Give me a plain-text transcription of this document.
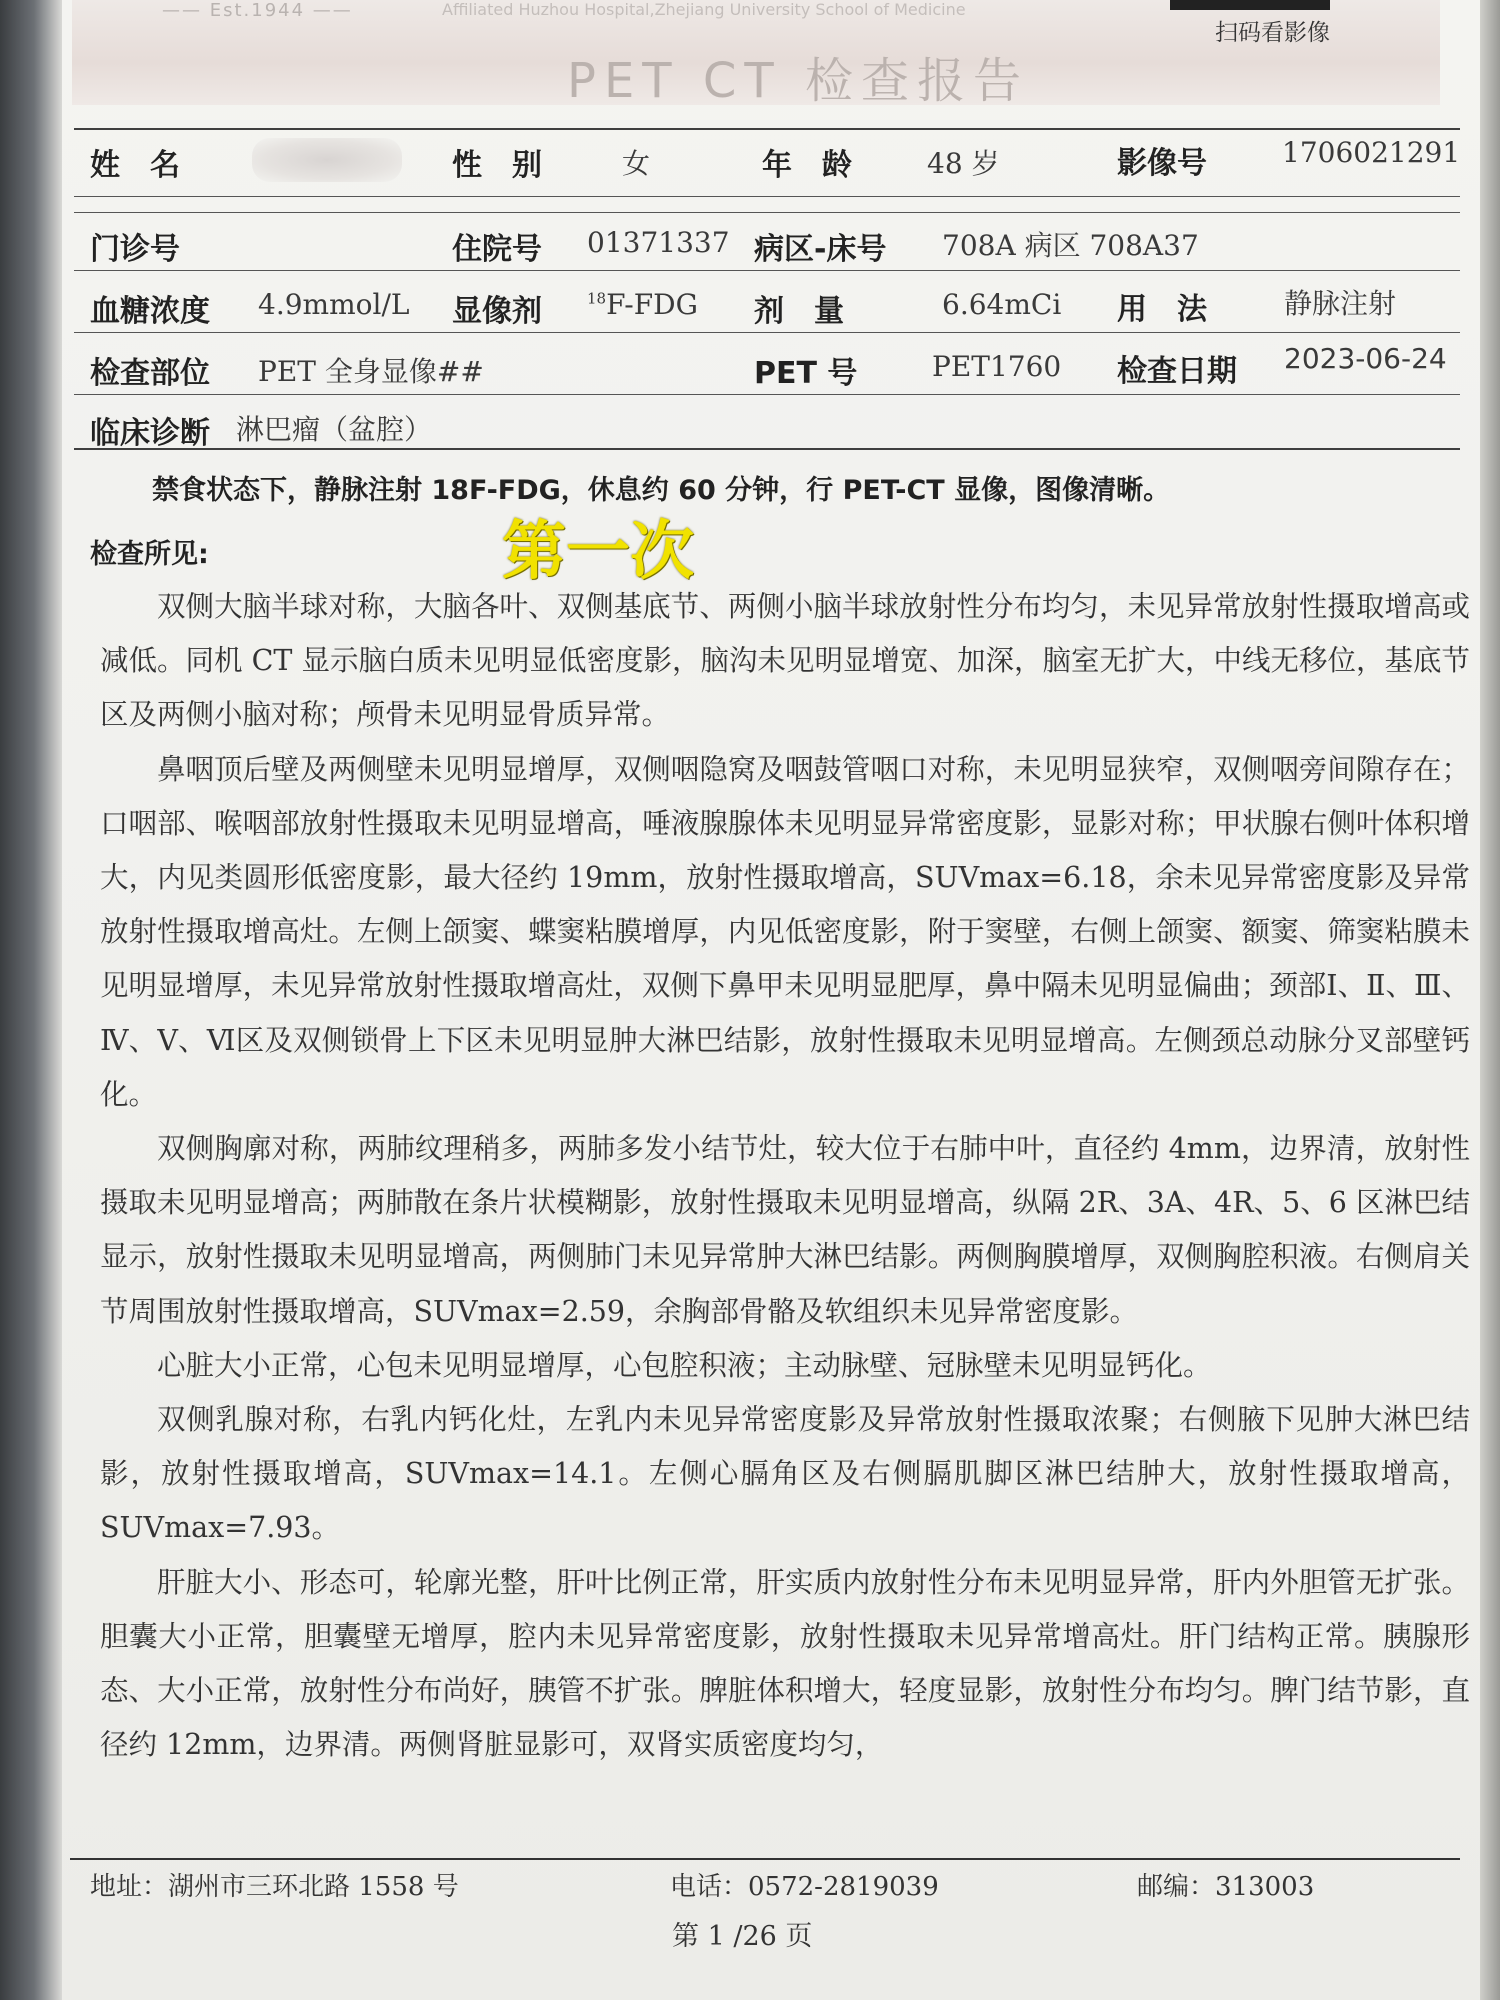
—— Est.1944 ——	Affiliated Huzhou Hospital,Zhejiang University School of Medicine
扫码看影像
PET CT 检查报告
姓　名	性　别	女	年　龄	48 岁	影像号	1706021291
门诊号	住院号 01371337 病区-床号 708A 病区 708A37
血糖浓度 4.9mmol/L 显像剂	$^{18}$F-FDG 剂　量	6.64mCi 用　法	静脉注射
检查部位 PET 全身显像##	PET 号	PET1760 检查日期 2023-06-24
临床诊断 淋巴瘤（盆腔）
禁食状态下，静脉注射 18F-FDG，休息约 60 分钟，行 PET-CT 显像，图像清晰。
检查所见:	第一次

双侧大脑半球对称，大脑各叶、双侧基底节、两侧小脑半球放射性分布均匀，未见异常放射性摄取增高或减低。同机 CT 显示脑白质未见明显低密度影，脑沟未见明显增宽、加深，脑室无扩大，中线无移位，基底节区及两侧小脑对称；颅骨未见明显骨质异常。

鼻咽顶后壁及两侧壁未见明显增厚，双侧咽隐窝及咽鼓管咽口对称，未见明显狭窄，双侧咽旁间隙存在；口咽部、喉咽部放射性摄取未见明显增高，唾液腺腺体未见明显异常密度影，显影对称；甲状腺右侧叶体积增大，内见类圆形低密度影，最大径约 19mm，放射性摄取增高，SUVmax=6.18，余未见异常密度影及异常放射性摄取增高灶。左侧上颌窦、蝶窦粘膜增厚，内见低密度影，附于窦壁，右侧上颌窦、额窦、筛窦粘膜未见明显增厚，未见异常放射性摄取增高灶，双侧下鼻甲未见明显肥厚，鼻中隔未见明显偏曲；颈部Ⅰ、Ⅱ、Ⅲ、Ⅳ、Ⅴ、Ⅵ区及双侧锁骨上下区未见明显肿大淋巴结影，放射性摄取未见明显增高。左侧颈总动脉分叉部壁钙化。

双侧胸廓对称，两肺纹理稍多，两肺多发小结节灶，较大位于右肺中叶，直径约 4mm，边界清，放射性摄取未见明显增高；两肺散在条片状模糊影，放射性摄取未见明显增高，纵隔 2R、3A、4R、5、6 区淋巴结显示，放射性摄取未见明显增高，两侧肺门未见异常肿大淋巴结影。两侧胸膜增厚，双侧胸腔积液。右侧肩关节周围放射性摄取增高，SUVmax=2.59，余胸部骨骼及软组织未见异常密度影。

心脏大小正常，心包未见明显增厚，心包腔积液；主动脉壁、冠脉壁未见明显钙化。

双侧乳腺对称，右乳内钙化灶，左乳内未见异常密度影及异常放射性摄取浓聚；右侧腋下见肿大淋巴结影，放射性摄取增高，SUVmax=14.1。左侧心膈角区及右侧膈肌脚区淋巴结肿大，放射性摄取增高，SUVmax=7.93。

肝脏大小、形态可，轮廓光整，肝叶比例正常，肝实质内放射性分布未见明显异常，肝内外胆管无扩张。胆囊大小正常，胆囊壁无增厚，腔内未见异常密度影，放射性摄取未见异常增高灶。肝门结构正常。胰腺形态、大小正常，放射性分布尚好，胰管不扩张。脾脏体积增大，轻度显影，放射性分布均匀。脾门结节影，直径约 12mm，边界清。两侧肾脏显影可，双肾实质密度均匀，

地址：湖州市三环北路 1558 号	电话：0572-2819039	邮编：313003
第 1 /26 页
